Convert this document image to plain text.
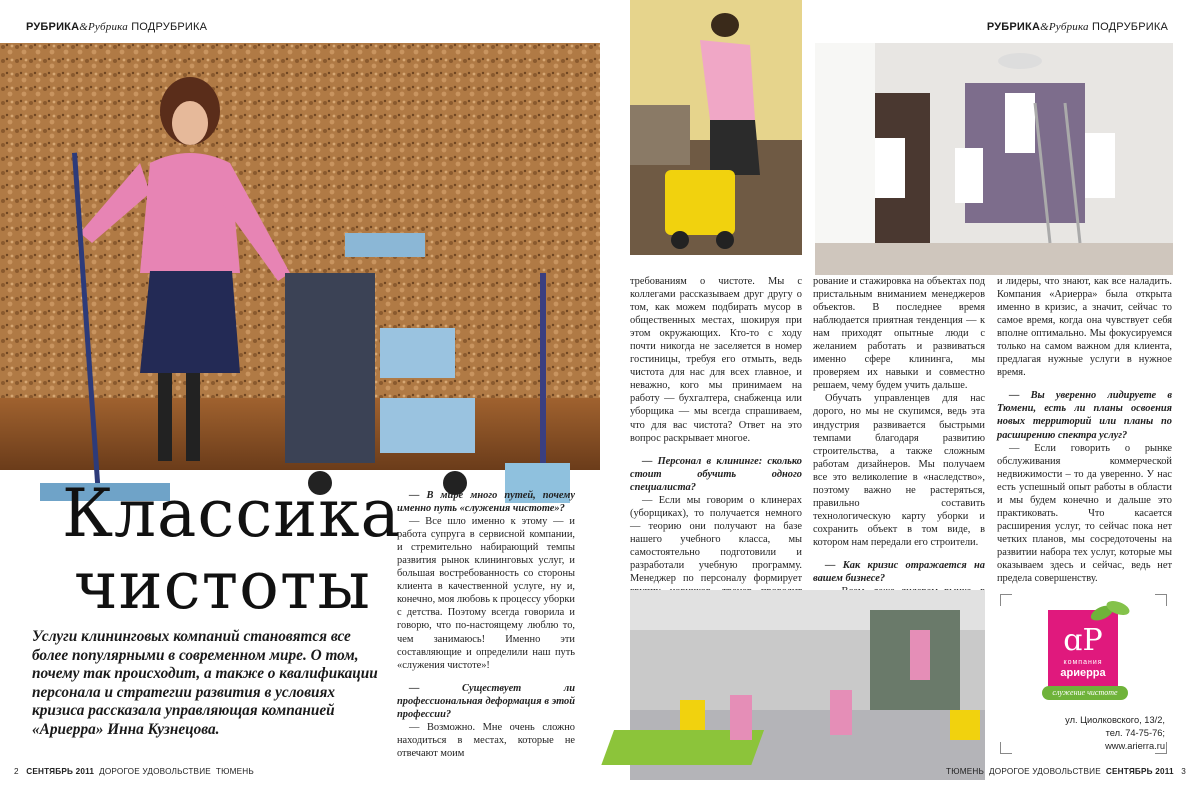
РУБРИКА&Рубрика ПОДРУБРИКА	РУБРИКА&Рубрика ПОДРУБРИКА
Классика
чистоты

Услуги клининговых компаний становятся все более популярными в современном мире. О том, почему так происходит, а также о квалификации персонала и стратегии развития в условиях кризиса рассказала управляющая компанией «Ариерра» Инна Кузнецова.

— В мире много путей, почему именно путь «служения чистоте»?

— Все шло именно к этому — и работа супруга в сервисной компании, и стремительно набирающий темпы развития рынок клининговых услуг, и большая востребованность со стороны клиента в качественной услуге, ну и, конечно, моя любовь к процессу уборки с детства. Поэтому всегда говорила и говорю, что по-настоящему люблю то, чем занимаюсь! Именно эти составляющие и определили наш путь «служения чистоте»!

— Существует ли профессиональная деформация в этой профессии?

— Возможно. Мне очень сложно находиться в местах, которые не отвечают моим

требованиям о чистоте. Мы с коллегами рассказываем друг другу о том, как можем подбирать мусор в общественных местах, шокируя при этом окружающих. Кто-то с ходу почти никогда не заселяется в номер гостиницы, требуя его отмыть, ведь чистота для нас для всех главное, и неважно, кого мы принимаем на работу — бухгалтера, снабженца или уборщика — мы всегда спрашиваем, что для вас чистота? Ответ на это вопрос раскрывает многое.

— Персонал в клининге: сколько стоит обучить одного специалиста?

— Если мы говорим о клинерах (уборщиках), то получается немного — теорию они получают на базе нашего учебного класса, мы самостоятельно подготовили и разработали учебную программу. Менеджер по персоналу формирует

рование и стажировка на объектах под пристальным вниманием менеджеров объектов. В последнее время наблюдается приятная тенденция — к нам приходят опытные люди с желанием работать и развиваться именно сфере клининга, мы проверяем их навыки и совместно решаем, чему будем учить дальше.

Обучать управленцев для нас дорого, но мы не скупимся, ведь эта индустрия развивается быстрыми темпами благодаря развитию строительства, а также сложным работам дизайнеров. Мы получаем все это великолепие в «наследство», поэтому важно не растеряться, правильно составить технологическую карту уборки и сохранить объект в том виде, в котором нам передали его строители.

— Как кризис отражается на вашем бизнесе?

и лидеры, что знают, как все наладить. Компания «Ариерра» была открыта именно в кризис, а значит, сейчас то самое время, когда она чувствует себя вполне оптимально. Мы фокусируемся только на самом важном для клиента, предлагая нужные услуги в нужное время.

— Вы уверенно лидируете в Тюмени, есть ли планы освоения новых территорий или планы по расширению спектра услуг?

— Если говорить о рынке обслуживания коммерческой недвижимости – то да уверенно. У нас есть успешный опыт работы в области и мы будем конечно и дальше это практиковать. Что касается расширения услуг, то сейчас пока нет четких планов, мы сосредоточены на развитии набора тех услуг, которые мы оказываем здесь и сейчас, ведь нет предела совершенству.

ɑР
компания
ариерра
служение чистоте
ул. Циолковского, 13/2,
тел. 74-75-76;
www.arierra.ru
2 СЕНТЯБРЬ 2011 ДОРОГОЕ УДОВОЛЬСТВИЕ ТЮМЕНЬ	ТЮМЕНЬ ДОРОГОЕ УДОВОЛЬСТВИЕ СЕНТЯБРЬ 2011 3
